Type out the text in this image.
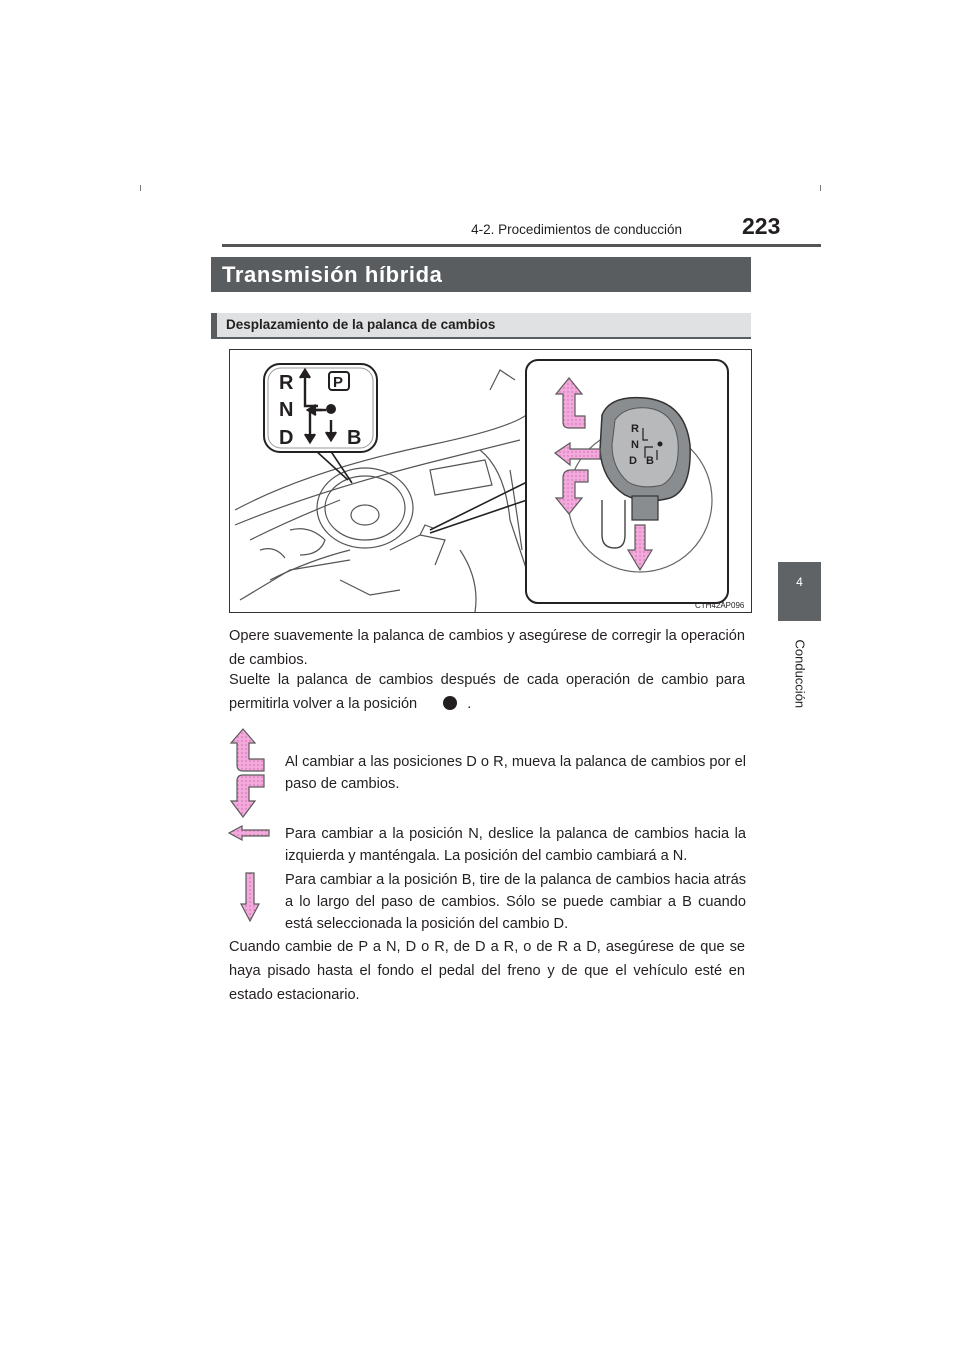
4-2. Procedimientos de conducción	223
4
Conducción
Transmisión híbrida
Desplazamiento de la palanca de cambios
R	P
N
D	B	R
N
D B
CTH42AP096
Opere suavemente la palanca de cambios y asegúrese de corregir la operación de cambios.
Suelte la palanca de cambios después de cada operación de cambio para permitirla volver a la posición	.
Al cambiar a las posiciones D o R, mueva la palanca de cambios por el paso de cambios.
Para cambiar a la posición N, deslice la palanca de cambios hacia la izquierda y manténgala. La posición del cambio cambiará a N.
Para cambiar a la posición B, tire de la palanca de cambios hacia atrás a lo largo del paso de cambios. Sólo se puede cambiar a B cuando está seleccionada la posición del cambio D.
Cuando cambie de P a N, D o R, de D a R, o de R a D, asegúrese de que se haya pisado hasta el fondo el pedal del freno y de que el vehículo esté en estado estacionario.
